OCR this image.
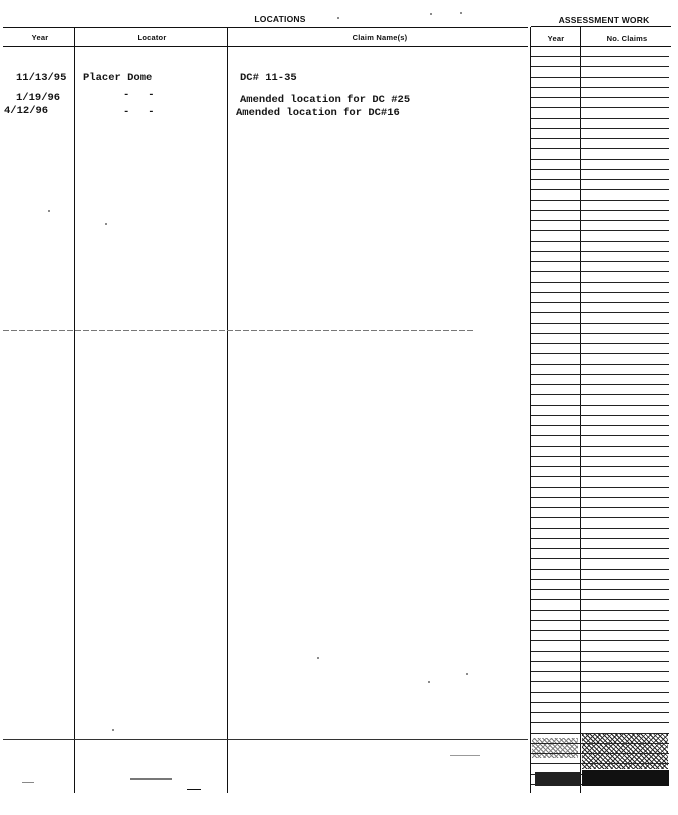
LOCATIONS	ASSESSMENT WORK
Year	Locator	Claim Name(s)	Year	No. Claims
11/13/95 Placer Dome	DC# 11-35
1/19/96	-   -	Amended location for DC #25
4/12/96	-   -	Amended location for DC#16
